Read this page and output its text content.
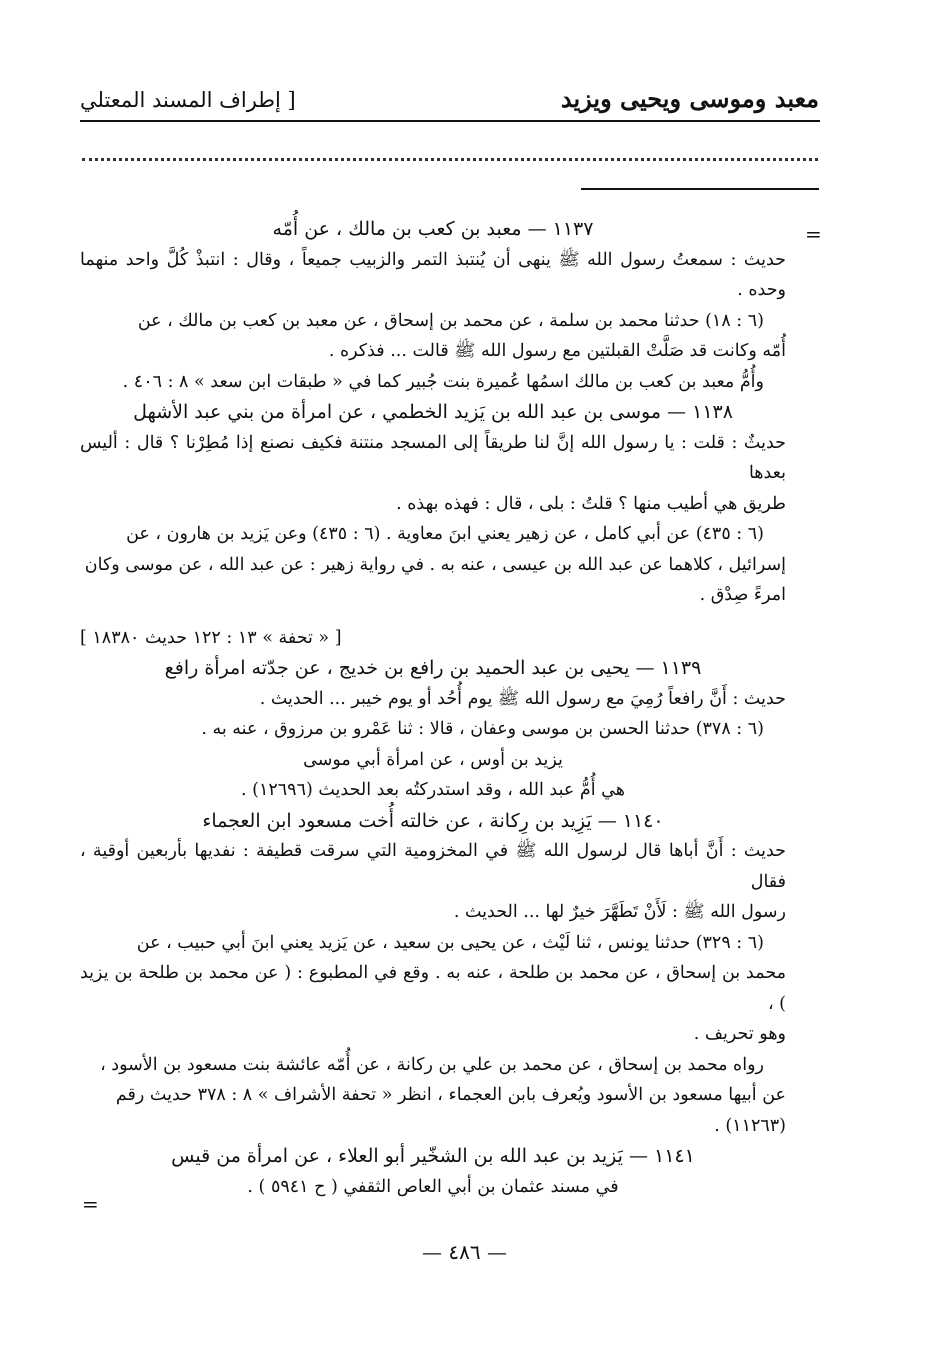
معبد وموسى ويحيى ويزيد
[ إطراف المسند المعتلي
=

١١٣٧ — معبد بن كعب بن مالك ، عن أُمّه

حديث : سمعتُ رسول الله ﷺ ينهى أن يُنتبذ التمر والزبيب جميعاً ، وقال : انتبذْ كُلَّ واحد منهما وحده .

(٦ : ١٨) حدثنا محمد بن سلمة ، عن محمد بن إسحاق ، عن معبد بن كعب بن مالك ، عن

أُمّه وكانت قد صَلَّتْ القبلتين مع رسول الله ﷺ قالت ... فذكره .

وأُمُّ معبد بن كعب بن مالك اسمُها عُميرة بنت جُبير كما في « طبقات ابن سعد » ٨ : ٤٠٦ .

١١٣٨ — موسى بن عبد الله بن يَزيد الخطمي ، عن امرأة من بني عبد الأشهل

حديثٌ : قلت : يا رسول الله إنَّ لنا طريقاً إلى المسجد منتنة فكيف نصنع إذا مُطِرْنا ؟ قال : أليس بعدها

طريق هي أطيب منها ؟ قلتُ : بلى ، قال : فهذه بهذه .

(٦ : ٤٣٥) عن أبي كامل ، عن زهير يعني ابنَ معاوية . (٦ : ٤٣٥) وعن يَزيد بن هارون ، عن

إسرائيل ، كلاهما عن عبد الله بن عيسى ، عنه به . في رواية زهير : عن عبد الله ، عن موسى وكان

امرءً صِدْق .

[ « تحفة » ١٣ : ١٢٢ حديث ١٨٣٨٠ ]

١١٣٩ — يحيى بن عبد الحميد بن رافع بن خديج ، عن جدّته امرأة رافع

حديث : أَنَّ رافعاً رُمِيَ مع رسول الله ﷺ يوم أُحُد أو يوم خيبر ... الحديث .

(٦ : ٣٧٨) حدثنا الحسن بن موسى وعفان ، قالا : ثنا عَمْرو بن مرزوق ، عنه به .

يزيد بن أوس ، عن امرأة أبي موسى

هي أُمُّ عبد الله ، وقد استدركتُه بعد الحديث (١٢٦٩٦) .

١١٤٠ — يَزِيد بن رِكانة ، عن خالته أُخت مسعود ابن العجماء

حديث : أَنَّ أباها قال لرسول الله ﷺ في المخزومية التي سرقت قطيفة : نفديها بأربعين أوقية ، فقال

رسول الله ﷺ : لَأَنْ تَطَهَّرَ خيرٌ لها ... الحديث .

(٦ : ٣٢٩) حدثنا يونس ، ثنا لَيْث ، عن يحيى بن سعيد ، عن يَزيد يعني ابنَ أبي حبيب ، عن

محمد بن إسحاق ، عن محمد بن طلحة ، عنه به . وقع في المطبوع : ( عن محمد بن طلحة بن يزيد ) ،

وهو تحريف .

رواه محمد بن إسحاق ، عن محمد بن علي بن ركانة ، عن أُمّه عائشة بنت مسعود بن الأسود ،

عن أبيها مسعود بن الأسود ويُعرف بابن العجماء ، انظر « تحفة الأشراف » ٨ : ٣٧٨ حديث رقم

(١١٢٦٣) .

١١٤١ — يَزيد بن عبد الله بن الشخّير أبو العلاء ، عن امرأة من قيس

في مسند عثمان بن أبي العاص الثقفي ( ح ٥٩٤١ ) .

=
— ٤٨٦ —
